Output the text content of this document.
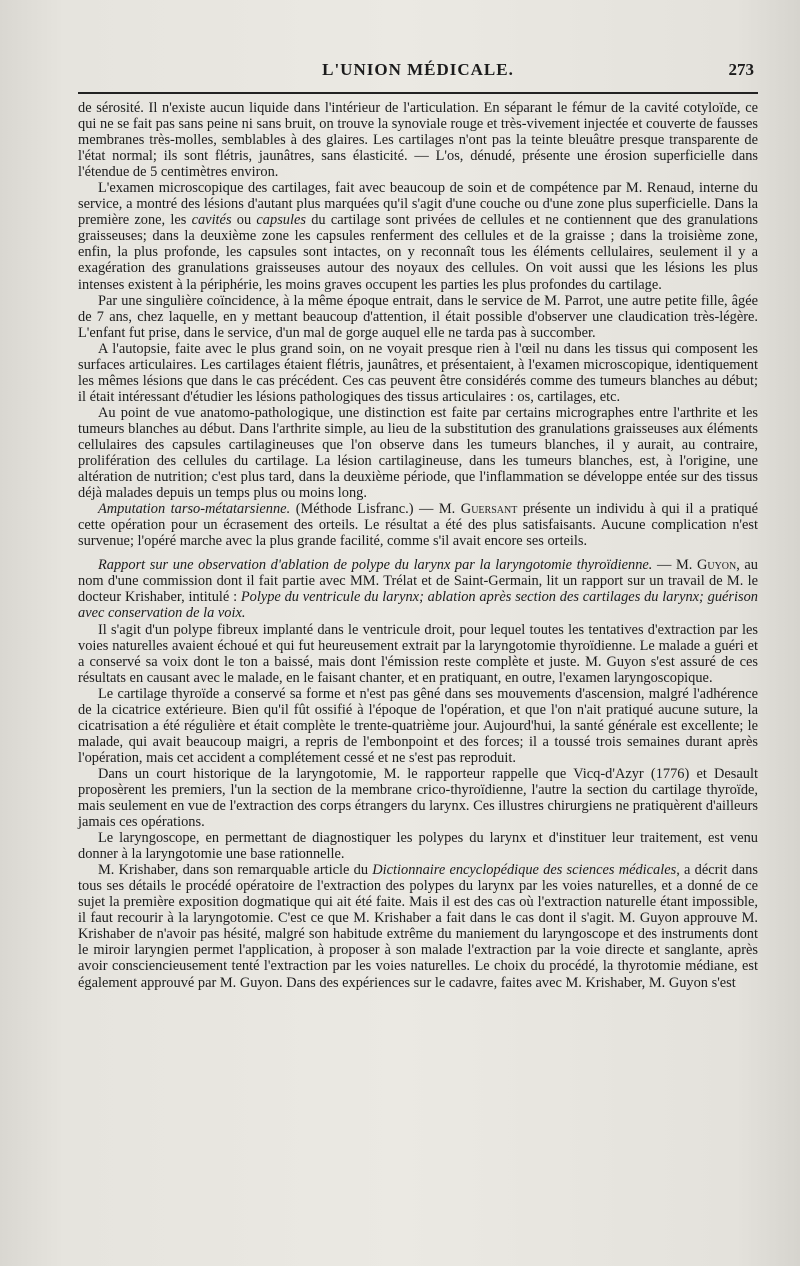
L'UNION MÉDICALE.	273

de sérosité. Il n'existe aucun liquide dans l'intérieur de l'articulation. En séparant le fémur de la cavité cotyloïde, ce qui ne se fait pas sans peine ni sans bruit, on trouve la synoviale rouge et très-vivement injectée et couverte de fausses membranes très-molles, semblables à des glaires. Les cartilages n'ont pas la teinte bleuâtre presque transparente de l'état normal; ils sont flétris, jaunâtres, sans élasticité. — L'os, dénudé, présente une érosion superficielle dans l'étendue de 5 centimètres environ.

L'examen microscopique des cartilages, fait avec beaucoup de soin et de compétence par M. Renaud, interne du service, a montré des lésions d'autant plus marquées qu'il s'agit d'une couche ou d'une zone plus superficielle. Dans la première zone, les cavités ou capsules du cartilage sont privées de cellules et ne contiennent que des granulations graisseuses; dans la deuxième zone les capsules renferment des cellules et de la graisse ; dans la troisième zone, enfin, la plus profonde, les capsules sont intactes, on y reconnaît tous les éléments cellulaires, seulement il y a exagération des granulations graisseuses autour des noyaux des cellules. On voit aussi que les lésions les plus intenses existent à la périphérie, les moins graves occupent les parties les plus profondes du cartilage.

Par une singulière coïncidence, à la même époque entrait, dans le service de M. Parrot, une autre petite fille, âgée de 7 ans, chez laquelle, en y mettant beaucoup d'attention, il était possible d'observer une claudication très-légère. L'enfant fut prise, dans le service, d'un mal de gorge auquel elle ne tarda pas à succomber.

A l'autopsie, faite avec le plus grand soin, on ne voyait presque rien à l'œil nu dans les tissus qui composent les surfaces articulaires. Les cartilages étaient flétris, jaunâtres, et présentaient, à l'examen microscopique, identiquement les mêmes lésions que dans le cas précédent. Ces cas peuvent être considérés comme des tumeurs blanches au début; il était intéressant d'étudier les lésions pathologiques des tissus articulaires : os, cartilages, etc.

Au point de vue anatomo-pathologique, une distinction est faite par certains micrographes entre l'arthrite et les tumeurs blanches au début. Dans l'arthrite simple, au lieu de la substitution des granulations graisseuses aux éléments cellulaires des capsules cartilagineuses que l'on observe dans les tumeurs blanches, il y aurait, au contraire, prolifération des cellules du cartilage. La lésion cartilagineuse, dans les tumeurs blanches, est, à l'origine, une altération de nutrition; c'est plus tard, dans la deuxième période, que l'inflammation se développe entée sur des tissus déjà malades depuis un temps plus ou moins long.

Amputation tarso-métatarsienne. (Méthode Lisfranc.) — M. Guersant présente un individu à qui il a pratiqué cette opération pour un écrasement des orteils. Le résultat a été des plus satisfaisants. Aucune complication n'est survenue; l'opéré marche avec la plus grande facilité, comme s'il avait encore ses orteils.

Rapport sur une observation d'ablation de polype du larynx par la laryngotomie thyroïdienne. — M. Guyon, au nom d'une commission dont il fait partie avec MM. Trélat et de Saint-Germain, lit un rapport sur un travail de M. le docteur Krishaber, intitulé : Polype du ventricule du larynx; ablation après section des cartilages du larynx; guérison avec conservation de la voix.

Il s'agit d'un polype fibreux implanté dans le ventricule droit, pour lequel toutes les tentatives d'extraction par les voies naturelles avaient échoué et qui fut heureusement extrait par la laryngotomie thyroïdienne. Le malade a guéri et a conservé sa voix dont le ton a baissé, mais dont l'émission reste complète et juste. M. Guyon s'est assuré de ces résultats en causant avec le malade, en le faisant chanter, et en pratiquant, en outre, l'examen laryngoscopique.

Le cartilage thyroïde a conservé sa forme et n'est pas gêné dans ses mouvements d'ascension, malgré l'adhérence de la cicatrice extérieure. Bien qu'il fût ossifié à l'époque de l'opération, et que l'on n'ait pratiqué aucune suture, la cicatrisation a été régulière et était complète le trente-quatrième jour. Aujourd'hui, la santé générale est excellente; le malade, qui avait beaucoup maigri, a repris de l'embonpoint et des forces; il a toussé trois semaines durant après l'opération, mais cet accident a complétement cessé et ne s'est pas reproduit.

Dans un court historique de la laryngotomie, M. le rapporteur rappelle que Vicq-d'Azyr (1776) et Desault proposèrent les premiers, l'un la section de la membrane crico-thyroïdienne, l'autre la section du cartilage thyroïde, mais seulement en vue de l'extraction des corps étrangers du larynx. Ces illustres chirurgiens ne pratiquèrent d'ailleurs jamais ces opérations.

Le laryngoscope, en permettant de diagnostiquer les polypes du larynx et d'instituer leur traitement, est venu donner à la laryngotomie une base rationnelle.

M. Krishaber, dans son remarquable article du Dictionnaire encyclopédique des sciences médicales, a décrit dans tous ses détails le procédé opératoire de l'extraction des polypes du larynx par les voies naturelles, et a donné de ce sujet la première exposition dogmatique qui ait été faite. Mais il est des cas où l'extraction naturelle étant impossible, il faut recourir à la laryngotomie. C'est ce que M. Krishaber a fait dans le cas dont il s'agit. M. Guyon approuve M. Krishaber de n'avoir pas hésité, malgré son habitude extrême du maniement du laryngoscope et des instruments dont le miroir laryngien permet l'application, à proposer à son malade l'extraction par la voie directe et sanglante, après avoir consciencieusement tenté l'extraction par les voies naturelles. Le choix du procédé, la thyrotomie médiane, est également approuvé par M. Guyon. Dans des expériences sur le cadavre, faites avec M. Krishaber, M. Guyon s'est
